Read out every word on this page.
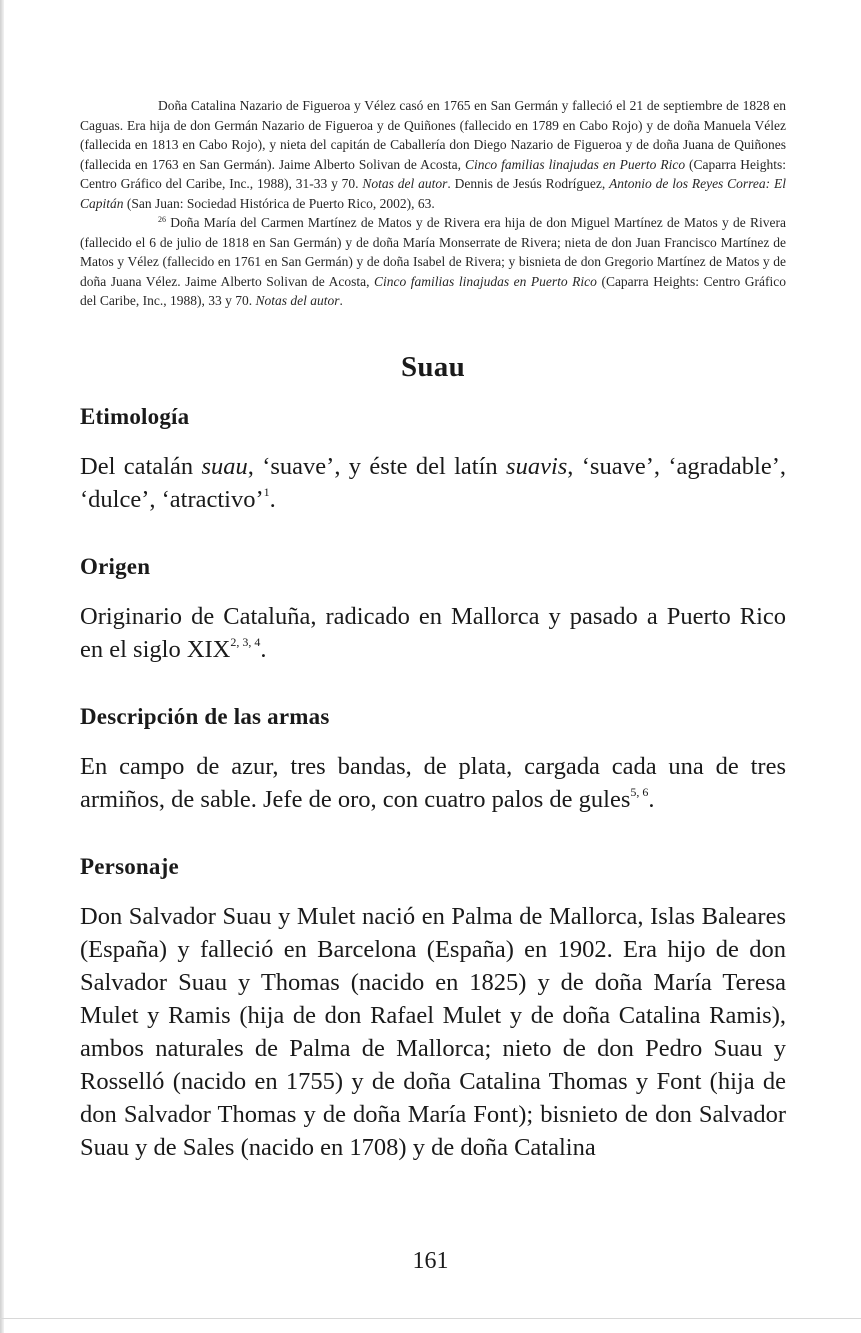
Doña Catalina Nazario de Figueroa y Vélez casó en 1765 en San Germán y falleció el 21 de septiembre de 1828 en Caguas. Era hija de don Germán Nazario de Figueroa y de Quiñones (fallecido en 1789 en Cabo Rojo) y de doña Manuela Vélez (fallecida en 1813 en Cabo Rojo), y nieta del capitán de Caballería don Diego Nazario de Figueroa y de doña Juana de Quiñones (fallecida en 1763 en San Germán). Jaime Alberto Solivan de Acosta, Cinco familias linajudas en Puerto Rico (Caparra Heights: Centro Gráfico del Caribe, Inc., 1988), 31-33 y 70. Notas del autor. Dennis de Jesús Rodríguez, Antonio de los Reyes Correa: El Capitán (San Juan: Sociedad Histórica de Puerto Rico, 2002), 63.

$^{26}$ Doña María del Carmen Martínez de Matos y de Rivera era hija de don Miguel Martínez de Matos y de Rivera (fallecido el 6 de julio de 1818 en San Germán) y de doña María Monserrate de Rivera; nieta de don Juan Francisco Martínez de Matos y Vélez (fallecido en 1761 en San Germán) y de doña Isabel de Rivera; y bisnieta de don Gregorio Martínez de Matos y de doña Juana Vélez. Jaime Alberto Solivan de Acosta, Cinco familias linajudas en Puerto Rico (Caparra Heights: Centro Gráfico del Caribe, Inc., 1988), 33 y 70. Notas del autor.

Suau
Etimología

Del catalán suau, ‘suave’, y éste del latín suavis, ‘suave’, ‘agradable’, ‘dulce’, ‘atractivo’$^1$.

Origen

Originario de Cataluña, radicado en Mallorca y pasado a Puerto Rico en el siglo XIX$^{2, 3, 4}$.

Descripción de las armas

En campo de azur, tres bandas, de plata, cargada cada una de tres armiños, de sable. Jefe de oro, con cuatro palos de gules$^{5, 6}$.

Personaje

Don Salvador Suau y Mulet nació en Palma de Mallorca, Islas Baleares (España) y falleció en Barcelona (España) en 1902. Era hijo de don Salvador Suau y Thomas (nacido en 1825) y de doña María Teresa Mulet y Ramis (hija de don Rafael Mulet y de doña Catalina Ramis), ambos naturales de Palma de Mallorca; nieto de don Pedro Suau y Rosselló (nacido en 1755) y de doña Catalina Thomas y Font (hija de don Salvador Thomas y de doña María Font); bisnieto de don Salvador Suau y de Sales (nacido en 1708) y de doña Catalina

161
